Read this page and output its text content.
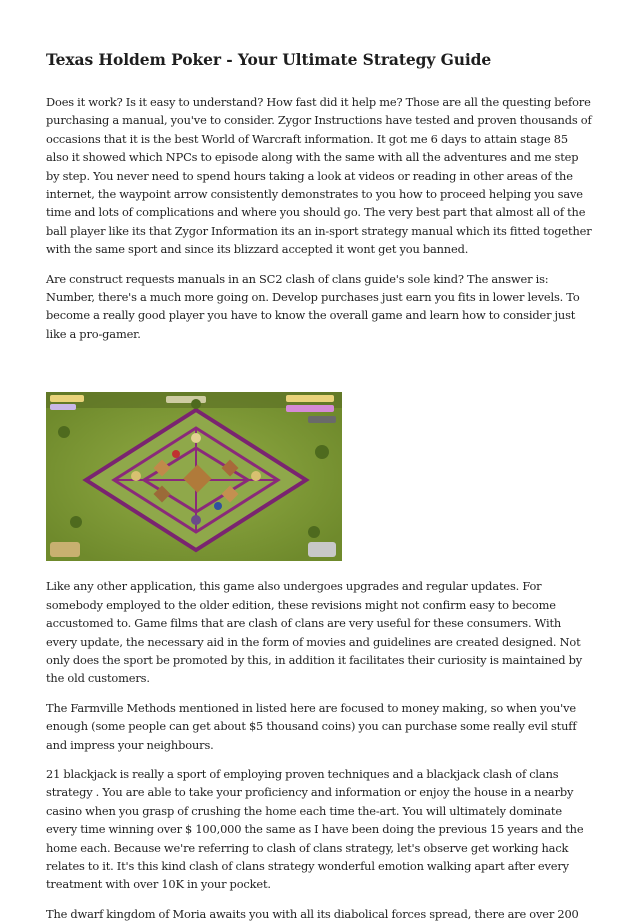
Texas Holdem Poker - Your Ultimate Strategy Guide

Does it work? Is it easy to understand? How fast did it help me? Those are all the questing before purchasing a manual, you've to consider. Zygor Instructions have tested and proven thousands of occasions that it is the best World of Warcraft information. It got me 6 days to attain stage 85 also it showed which NPCs to episode along with the same with all the adventures and me step by step. You never need to spend hours taking a look at videos or reading in other areas of the internet, the waypoint arrow consistently demonstrates to you how to proceed helping you save time and lots of complications and where you should go. The very best part that almost all of the ball player like its that Zygor Information its an in-sport strategy manual which its fitted together with the same sport and since its blizzard accepted it wont get you banned.

Are construct requests manuals in an SC2 clash of clans guide's sole kind? The answer is: Number, there's a much more going on. Develop purchases just earn you fits in lower levels. To become a really good player you have to know the overall game and learn how to consider just like a pro-gamer.

Like any other application, this game also undergoes upgrades and regular updates. For somebody employed to the older edition, these revisions might not confirm easy to become accustomed to. Game films that are clash of clans are very useful for these consumers. With every update, the necessary aid in the form of movies and guidelines are created designed. Not only does the sport be promoted by this, in addition it facilitates their curiosity is maintained by the old customers.

The Farmville Methods mentioned in listed here are focused to money making, so when you've enough (some people can get about $5 thousand coins) you can purchase some really evil stuff and impress your neighbours.

21 blackjack is really a sport of employing proven techniques and a blackjack clash of clans strategy . You are able to take your proficiency and information or enjoy the house in a nearby casino when you grasp of crushing the home each time the-art. You will ultimately dominate every time winning over $ 100,000 the same as I have been doing the previous 15 years and the home each. Because we're referring to clash of clans strategy, let's observe get working hack relates to it. It's this kind clash of clans strategy wonderful emotion walking apart after every treatment with over 10K in your pocket.

The dwarf kingdom of Moria awaits you with all its diabolical forces spread, there are over 200
